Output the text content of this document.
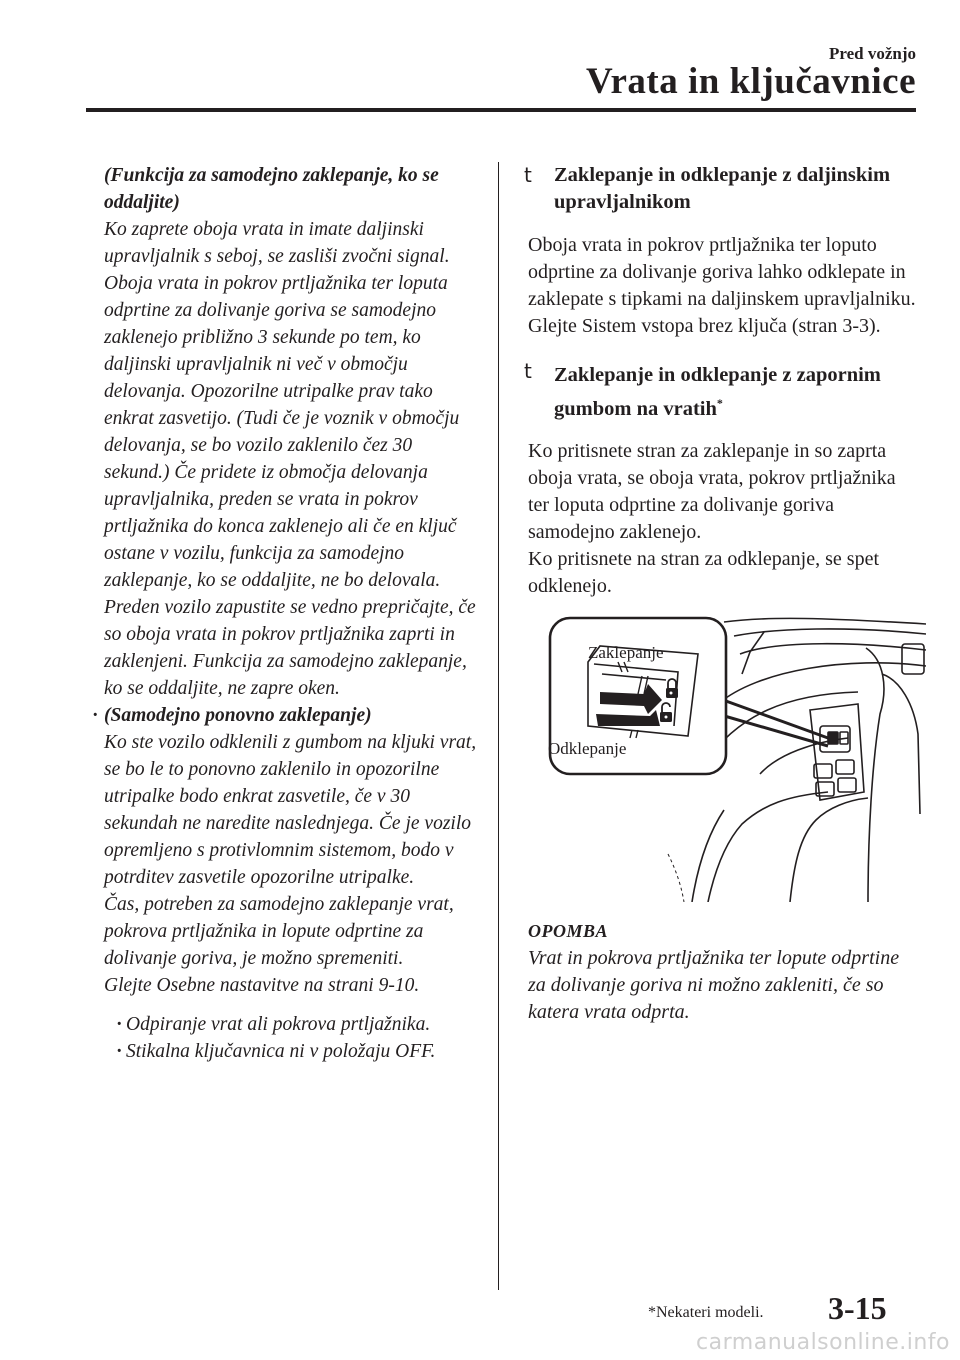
Pred vožnjo
Vrata in ključavnice

(Funkcija za samodejno zaklepanje, ko se oddaljite)

Ko zaprete oboja vrata in imate daljinski upravljalnik s seboj, se zasliši zvočni signal. Oboja vrata in pokrov prtljažnika ter loputa odprtine za dolivanje goriva se samodejno zaklenejo približno 3 sekunde po tem, ko daljinski upravljalnik ni več v območju delovanja. Opozorilne utripalke prav tako enkrat zasvetijo. (Tudi če je voznik v območju delovanja, se bo vozilo zaklenilo čez 30 sekund.) Če pridete iz območja delovanja upravljalnika, preden se vrata in pokrov prtljažnika do konca zaklenejo ali če en ključ ostane v vozilu, funkcija za samodejno zaklepanje, ko se oddaljite, ne bo delovala. Preden vozilo zapustite se vedno prepričajte, če so oboja vrata in pokrov prtljažnika zaprti in zaklenjeni. Funkcija za samodejno zaklepanje, ko se oddaljite, ne zapre oken.

· (Samodejno ponovno zaklepanje)

Ko ste vozilo odklenili z gumbom na kljuki vrat, se bo le to ponovno zaklenilo in opozorilne utripalke bodo enkrat zasvetile, če v 30 sekundah ne naredite naslednjega. Če je vozilo opremljeno s protivlomnim sistemom, bodo v potrditev zasvetile opozorilne utripalke.

Čas, potreben za samodejno zaklepanje vrat, pokrova prtljažnika in lopute odprtine za dolivanje goriva, je možno spremeniti.

Glejte Osebne nastavitve na strani 9-10.

· Odpiranje vrat ali pokrova prtljažnika.

· Stikalna ključavnica ni v položaju OFF.

t Zaklepanje in odklepanje z daljinskim upravljalnikom

Oboja vrata in pokrov prtljažnika ter loputo odprtine za dolivanje goriva lahko odklepate in zaklepate s tipkami na daljinskem upravljalniku. Glejte Sistem vstopa brez ključa (stran 3-3).

t Zaklepanje in odklepanje z zapornim gumbom na vratih*

Ko pritisnete stran za zaklepanje in so zaprta oboja vrata, se oboja vrata, pokrov prtljažnika ter loputa odprtine za dolivanje goriva samodejno zaklenejo.

Ko pritisnete na stran za odklepanje, se spet odklenejo.

Zaklepanje
Odklepanje

OPOMBA

Vrat in pokrova prtljažnika ter lopute odprtine za dolivanje goriva ni možno zakleniti, če so katera vrata odprta.

*Nekateri modeli. 3-15
carmanualsonline.info
